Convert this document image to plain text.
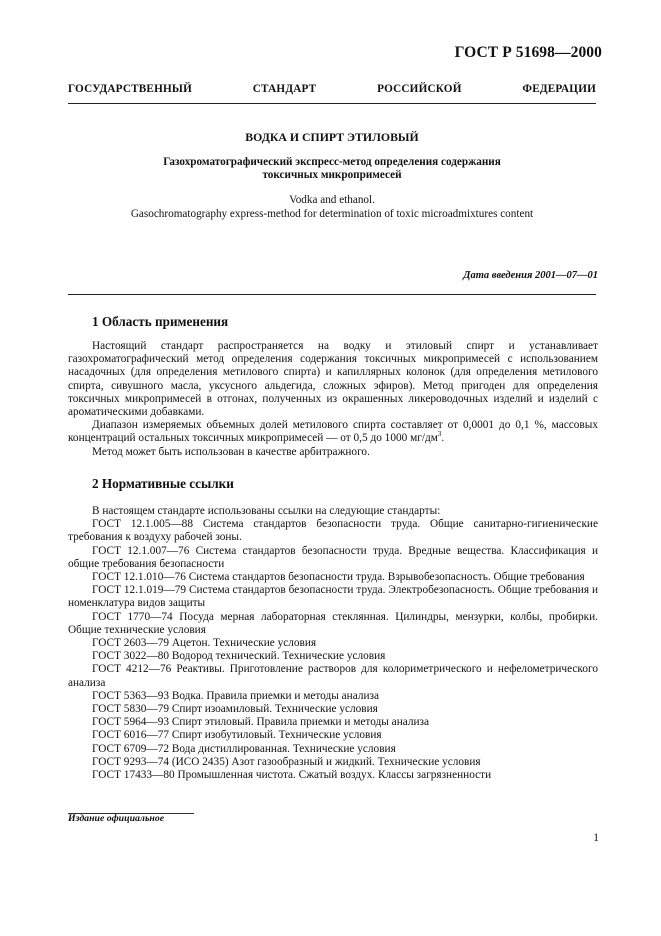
ГОСТ Р 51698—2000
ГОСУДАРСТВЕННЫЙ СТАНДАРТ РОССИЙСКОЙ ФЕДЕРАЦИИ
ВОДКА И СПИРТ ЭТИЛОВЫЙ
Газохроматографический экспресс-метод определения содержания
токсичных микропримесей
Vodka and ethanol.
Gasochromatography express-method for determination of toxic microadmixtures content
Дата введения 2001—07—01
1 Область применения

Настоящий стандарт распространяется на водку и этиловый спирт и устанавливает газохроматографический метод определения содержания токсичных микропримесей с использованием насадочных (для определения метилового спирта) и капиллярных колонок (для определения метилового спирта, сивушного масла, уксусного альдегида, сложных эфиров). Метод пригоден для определения токсичных микропримесей в отгонах, полученных из окрашенных ликероводочных изделий и изделий с ароматическими добавками.

Диапазон измеряемых объемных долей метилового спирта составляет от 0,0001 до 0,1 %, массовых концентраций остальных токсичных микропримесей — от 0,5 до 1000 $мг/дм^3$.

Метод может быть использован в качестве арбитражного.

2 Нормативные ссылки

В настоящем стандарте использованы ссылки на следующие стандарты:

ГОСТ 12.1.005—88 Система стандартов безопасности труда. Общие санитарно-гигиенические требования к воздуху рабочей зоны.

ГОСТ 12.1.007—76 Система стандартов безопасности труда. Вредные вещества. Классификация и общие требования безопасности

ГОСТ 12.1.010—76 Система стандартов безопасности труда. Взрывобезопасность. Общие требования

ГОСТ 12.1.019—79 Система стандартов безопасности труда. Электробезопасность. Общие требования и номенклатура видов защиты

ГОСТ 1770—74 Посуда мерная лабораторная стеклянная. Цилиндры, мензурки, колбы, пробирки. Общие технические условия

ГОСТ 2603—79 Ацетон. Технические условия

ГОСТ 3022—80 Водород технический. Технические условия

ГОСТ 4212—76 Реактивы. Приготовление растворов для колориметрического и нефелометрического анализа

ГОСТ 5363—93 Водка. Правила приемки и методы анализа

ГОСТ 5830—79 Спирт изоамиловый. Технические условия

ГОСТ 5964—93 Спирт этиловый. Правила приемки и методы анализа

ГОСТ 6016—77 Спирт изобутиловый. Технические условия

ГОСТ 6709—72 Вода дистиллированная. Технические условия

ГОСТ 9293—74 (ИСО 2435) Азот газообразный и жидкий. Технические условия

ГОСТ 17433—80 Промышленная чистота. Сжатый воздух. Классы загрязненности

Издание официальное
1
